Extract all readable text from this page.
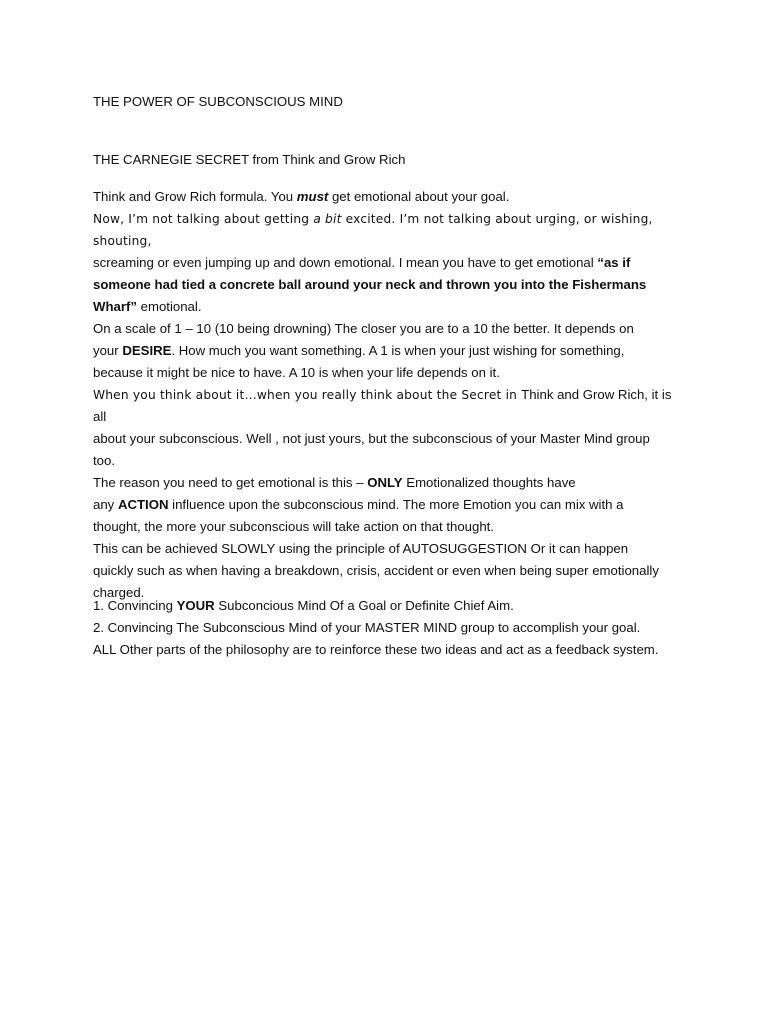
THE POWER OF SUBCONSCIOUS MIND
THE CARNEGIE SECRET from Think and Grow Rich

Think and Grow Rich formula. You must get emotional about your goal.

Now, I’m not talking about getting a bit excited. I’m not talking about urging, or wishing, shouting,
screaming or even jumping up and down emotional. I mean you have to get emotional “as if
someone had tied a concrete ball around your neck and thrown you into the Fishermans
Wharf” emotional.

On a scale of 1 – 10 (10 being drowning) The closer you are to a 10 the better. It depends on
your DESIRE. How much you want something. A 1 is when your just wishing for something,
because it might be nice to have. A 10 is when your life depends on it.

When you think about it…when you really think about the Secret in Think and Grow Rich, it is all
about your subconscious. Well , not just yours, but the subconscious of your Master Mind group
too.

The reason you need to get emotional is this – ONLY Emotionalized thoughts have
any ACTION influence upon the subconscious mind. The more Emotion you can mix with a
thought, the more your subconscious will take action on that thought.

This can be achieved SLOWLY using the principle of AUTOSUGGESTION Or it can happen
quickly such as when having a breakdown, crisis, accident or even when being super emotionally
charged.

1. Convincing YOUR Subconcious Mind Of a Goal or Definite Chief Aim.

2. Convincing The Subconscious Mind of your MASTER MIND group to accomplish your goal.

ALL Other parts of the philosophy are to reinforce these two ideas and act as a feedback system.
